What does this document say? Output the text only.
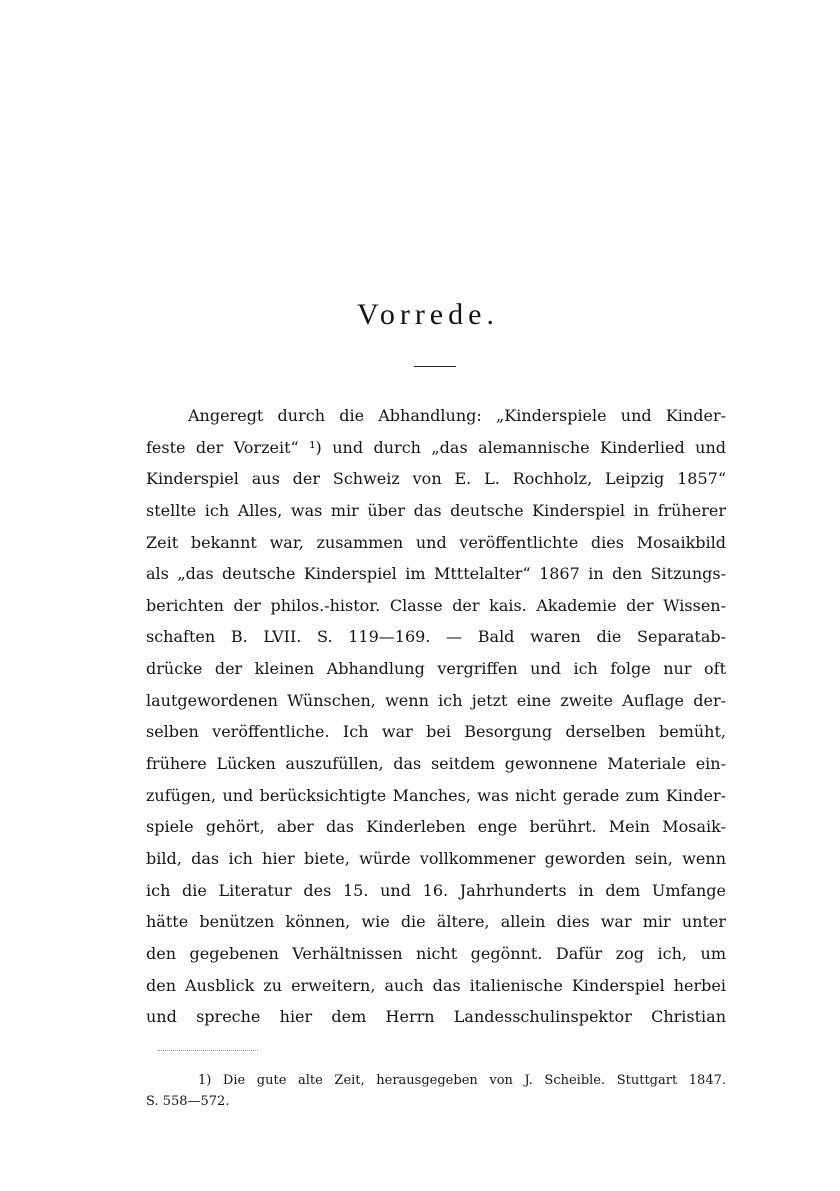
Vorrede.
Angeregt durch die Abhandlung: „Kinderspiele und Kinder-
feste der Vorzeit“ ¹) und durch „das alemannische Kinderlied und
Kinderspiel aus der Schweiz von E. L. Rochholz, Leipzig 1857“
stellte ich Alles, was mir über das deutsche Kinderspiel in früherer
Zeit bekannt war, zusammen und veröffentlichte dies Mosaikbild
als „das deutsche Kinderspiel im Mtttelalter“ 1867 in den Sitzungs-
berichten der philos.-histor. Classe der kais. Akademie der Wissen-
schaften B. LVII. S. 119—169. — Bald waren die Separatab-
drücke der kleinen Abhandlung vergriffen und ich folge nur oft
lautgewordenen Wünschen, wenn ich jetzt eine zweite Auflage der-
selben veröffentliche. Ich war bei Besorgung derselben bemüht,
frühere Lücken auszufüllen, das seitdem gewonnene Materiale ein-
zufügen, und berücksichtigte Manches, was nicht gerade zum Kinder-
spiele gehört, aber das Kinderleben enge berührt. Mein Mosaik-
bild, das ich hier biete, würde vollkommener geworden sein, wenn
ich die Literatur des 15. und 16. Jahrhunderts in dem Umfange
hätte benützen können, wie die ältere, allein dies war mir unter
den gegebenen Verhältnissen nicht gegönnt. Dafür zog ich, um
den Ausblick zu erweitern, auch das italienische Kinderspiel herbei
und spreche hier dem Herrn Landesschulinspektor Christian
1) Die gute alte Zeit, herausgegeben von J. Scheible. Stuttgart 1847.
S. 558—572.
